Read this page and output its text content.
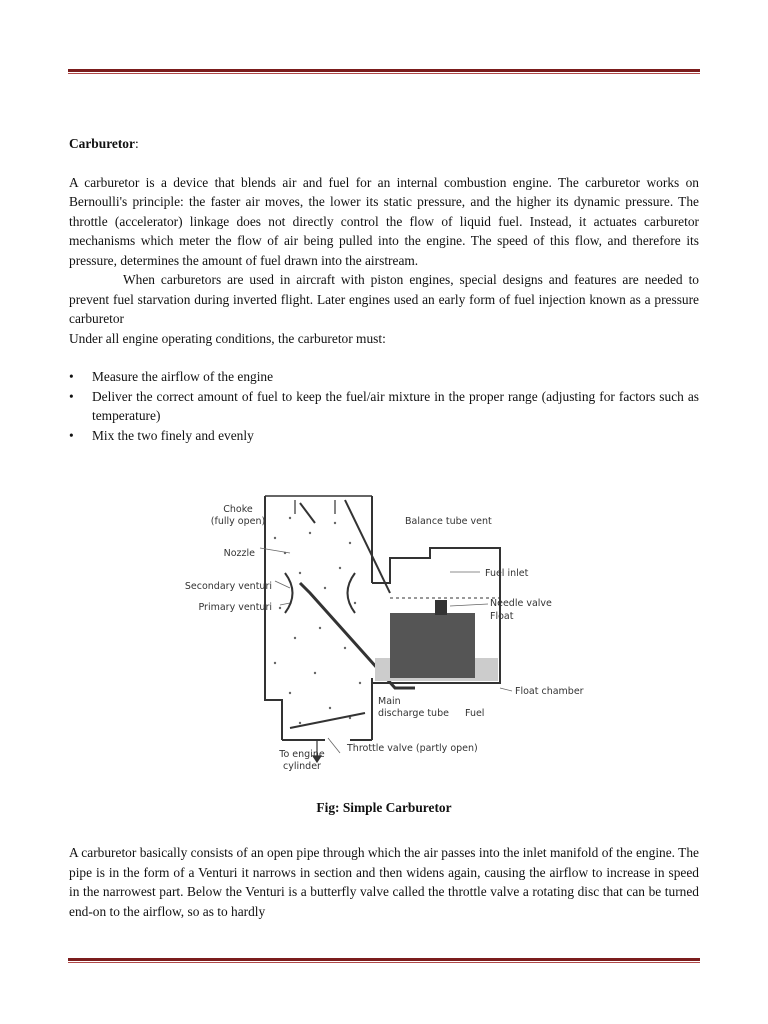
Carburetor:

A carburetor is a device that blends air and fuel for an internal combustion engine. The carburetor works on Bernoulli's principle: the faster air moves, the lower its static pressure, and the higher its dynamic pressure. The throttle (accelerator) linkage does not directly control the flow of liquid fuel. Instead, it actuates carburetor mechanisms which meter the flow of air being pulled into the engine. The speed of this flow, and therefore its pressure, determines the amount of fuel drawn into the airstream.

When carburetors are used in aircraft with piston engines, special designs and features are needed to prevent fuel starvation during inverted flight. Later engines used an early form of fuel injection known as a pressure carburetor

Under all engine operating conditions, the carburetor must:

• Measure the airflow of the engine
• Deliver the correct amount of fuel to keep the fuel/air mixture in the proper range (adjusting for factors such as temperature)
• Mix the two finely and evenly
Choke
(fully open)
Nozzle
Secondary venturi
Primary venturi
Balance tube vent
Fuel inlet
Needle valve
Float
Float chamber
Main
discharge tube Fuel
To engine
cylinder
Throttle valve (partly open)
Fig: Simple Carburetor

A carburetor basically consists of an open pipe through which the air passes into the inlet manifold of the engine. The pipe is in the form of a Venturi it narrows in section and then widens again, causing the airflow to increase in speed in the narrowest part. Below the Venturi is a butterfly valve called the throttle valve a rotating disc that can be turned end-on to the airflow, so as to hardly
